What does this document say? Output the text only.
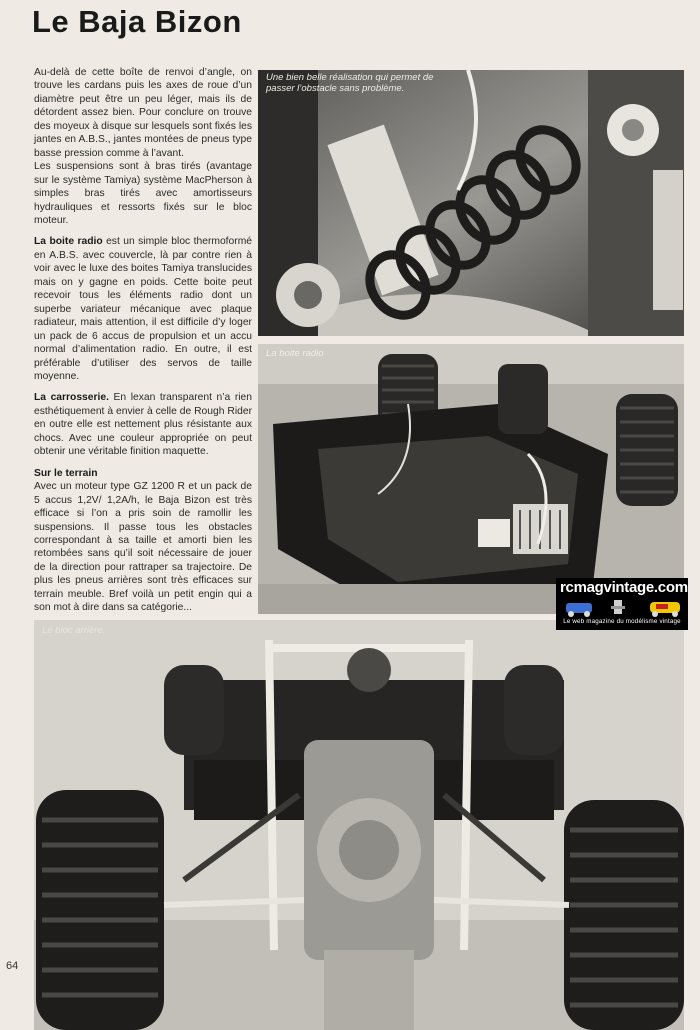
Le Baja Bizon

Au-delà de cette boîte de renvoi d’angle, on trouve les cardans puis les axes de roue d’un diamètre peut être un peu léger, mais ils de détordent assez bien. Pour conclure on trouve des moyeux à disque sur lesquels sont fixés les jantes en A.B.S., jantes montées de pneus type basse pression comme à l’avant.

Les suspensions sont à bras tirés (avantage sur le système Tamiya) système MacPherson à simples bras tirés avec amortisseurs hydrauliques et ressorts fixés sur le bloc moteur.

La boite radio est un simple bloc thermoformé en A.B.S. avec couvercle, là par contre rien à voir avec le luxe des boites Tamiya translucides mais on y gagne en poids. Cette boite peut recevoir tous les éléments radio dont un superbe variateur mécanique avec plaque radiateur, mais attention, il est difficile d’y loger un pack de 6 accus de propulsion et un accu normal d’alimentation radio. En outre, il est préférable d’utiliser des servos de taille moyenne.

La carrosserie. En lexan transparent n’a rien esthétiquement à envier à celle de Rough Rider en outre elle est nettement plus résistante aux chocs. Avec une couleur appropriée on peut obtenir une véritable finition maquette.

Sur le terrain

Avec un moteur type GZ 1200 R et un pack de 5 accus 1,2V/ 1,2A/h, le Baja Bizon est très efficace si l’on a pris soin de ramollir les suspensions. Il passe tous les obstacles correspondant à sa taille et amorti bien les retombées sans qu’il soit nécessaire de jouer de la direction pour rattraper sa trajectoire. De plus les pneus arrières sont très efficaces sur terrain meuble. Bref voilà un petit engin qui a son mot à dire dans sa catégorie...

Une bien belle réalisation qui permet de passer l’obstacle sans problème.
La boite radio
Le bloc arrière.
rcmagvintage.com
Le web magazine du modélisme vintage
64
